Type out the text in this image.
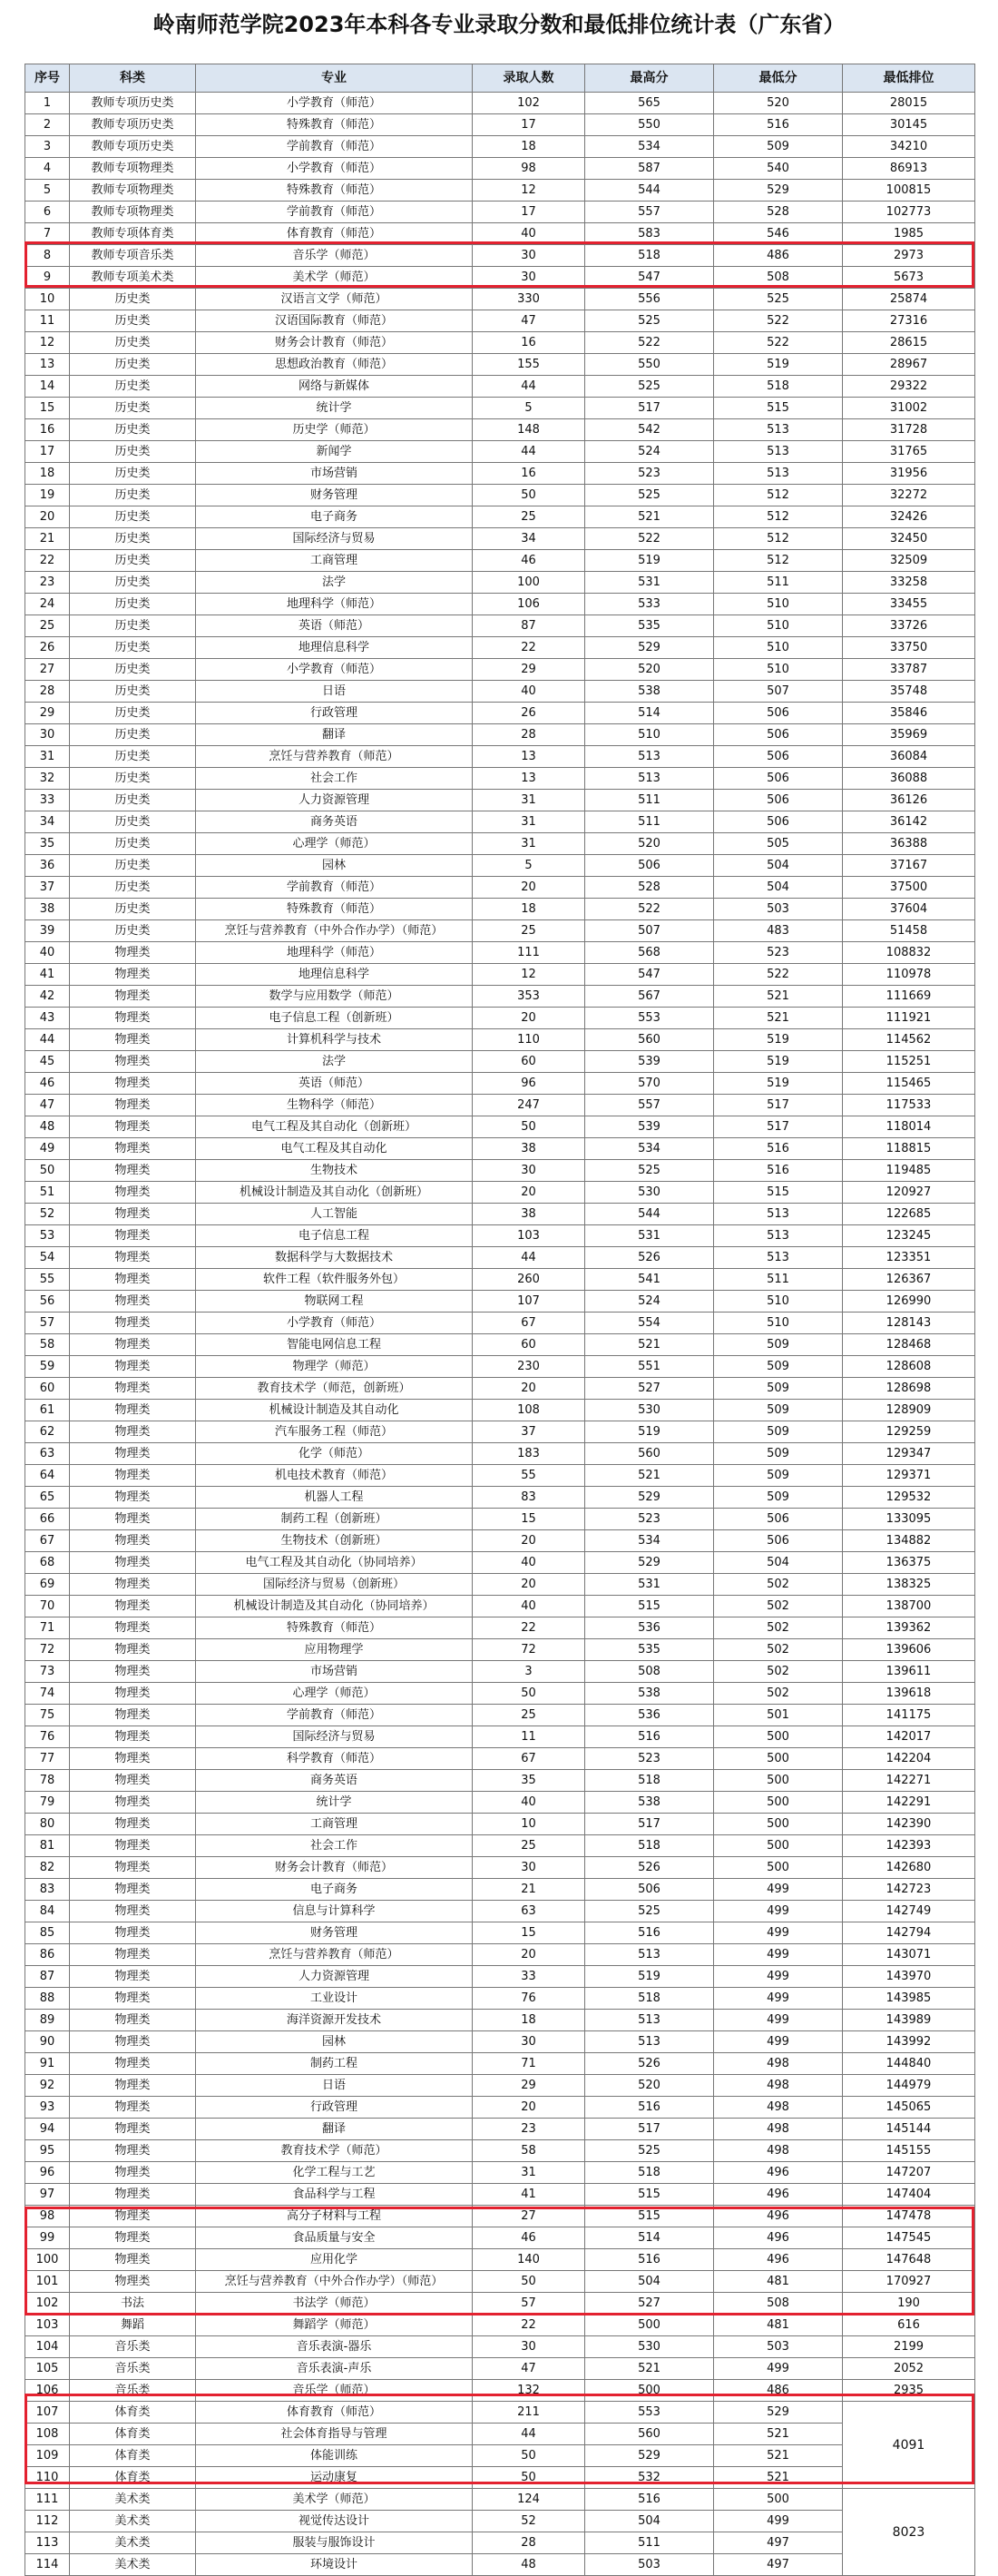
岭南师范学院2023年本科各专业录取分数和最低排位统计表（广东省）
序号	科类	专业	录取人数	最高分	最低分	最低排位
1	教师专项历史类	小学教育（师范）	102	565	520	28015
2	教师专项历史类	特殊教育（师范）	17	550	516	30145
3	教师专项历史类	学前教育（师范）	18	534	509	34210
4	教师专项物理类	小学教育（师范）	98	587	540	86913
5	教师专项物理类	特殊教育（师范）	12	544	529	100815
6	教师专项物理类	学前教育（师范）	17	557	528	102773
7	教师专项体育类	体育教育（师范）	40	583	546	1985
8	教师专项音乐类	音乐学（师范）	30	518	486	2973
9	教师专项美术类	美术学（师范）	30	547	508	5673
10	历史类	汉语言文学（师范）	330	556	525	25874
11	历史类	汉语国际教育（师范）	47	525	522	27316
12	历史类	财务会计教育（师范）	16	522	522	28615
13	历史类	思想政治教育（师范）	155	550	519	28967
14	历史类	网络与新媒体	44	525	518	29322
15	历史类	统计学	5	517	515	31002
16	历史类	历史学（师范）	148	542	513	31728
17	历史类	新闻学	44	524	513	31765
18	历史类	市场营销	16	523	513	31956
19	历史类	财务管理	50	525	512	32272
20	历史类	电子商务	25	521	512	32426
21	历史类	国际经济与贸易	34	522	512	32450
22	历史类	工商管理	46	519	512	32509
23	历史类	法学	100	531	511	33258
24	历史类	地理科学（师范）	106	533	510	33455
25	历史类	英语（师范）	87	535	510	33726
26	历史类	地理信息科学	22	529	510	33750
27	历史类	小学教育（师范）	29	520	510	33787
28	历史类	日语	40	538	507	35748
29	历史类	行政管理	26	514	506	35846
30	历史类	翻译	28	510	506	35969
31	历史类	烹饪与营养教育（师范）	13	513	506	36084
32	历史类	社会工作	13	513	506	36088
33	历史类	人力资源管理	31	511	506	36126
34	历史类	商务英语	31	511	506	36142
35	历史类	心理学（师范）	31	520	505	36388
36	历史类	园林	5	506	504	37167
37	历史类	学前教育（师范）	20	528	504	37500
38	历史类	特殊教育（师范）	18	522	503	37604
39	历史类	烹饪与营养教育（中外合作办学）（师范）	25	507	483	51458
40	物理类	地理科学（师范）	111	568	523	108832
41	物理类	地理信息科学	12	547	522	110978
42	物理类	数学与应用数学（师范）	353	567	521	111669
43	物理类	电子信息工程（创新班）	20	553	521	111921
44	物理类	计算机科学与技术	110	560	519	114562
45	物理类	法学	60	539	519	115251
46	物理类	英语（师范）	96	570	519	115465
47	物理类	生物科学（师范）	247	557	517	117533
48	物理类	电气工程及其自动化（创新班）	50	539	517	118014
49	物理类	电气工程及其自动化	38	534	516	118815
50	物理类	生物技术	30	525	516	119485
51	物理类	机械设计制造及其自动化（创新班）	20	530	515	120927
52	物理类	人工智能	38	544	513	122685
53	物理类	电子信息工程	103	531	513	123245
54	物理类	数据科学与大数据技术	44	526	513	123351
55	物理类	软件工程（软件服务外包）	260	541	511	126367
56	物理类	物联网工程	107	524	510	126990
57	物理类	小学教育（师范）	67	554	510	128143
58	物理类	智能电网信息工程	60	521	509	128468
59	物理类	物理学（师范）	230	551	509	128608
60	物理类	教育技术学（师范，创新班）	20	527	509	128698
61	物理类	机械设计制造及其自动化	108	530	509	128909
62	物理类	汽车服务工程（师范）	37	519	509	129259
63	物理类	化学（师范）	183	560	509	129347
64	物理类	机电技术教育（师范）	55	521	509	129371
65	物理类	机器人工程	83	529	509	129532
66	物理类	制药工程（创新班）	15	523	506	133095
67	物理类	生物技术（创新班）	20	534	506	134882
68	物理类	电气工程及其自动化（协同培养）	40	529	504	136375
69	物理类	国际经济与贸易（创新班）	20	531	502	138325
70	物理类	机械设计制造及其自动化（协同培养）	40	515	502	138700
71	物理类	特殊教育（师范）	22	536	502	139362
72	物理类	应用物理学	72	535	502	139606
73	物理类	市场营销	3	508	502	139611
74	物理类	心理学（师范）	50	538	502	139618
75	物理类	学前教育（师范）	25	536	501	141175
76	物理类	国际经济与贸易	11	516	500	142017
77	物理类	科学教育（师范）	67	523	500	142204
78	物理类	商务英语	35	518	500	142271
79	物理类	统计学	40	538	500	142291
80	物理类	工商管理	10	517	500	142390
81	物理类	社会工作	25	518	500	142393
82	物理类	财务会计教育（师范）	30	526	500	142680
83	物理类	电子商务	21	506	499	142723
84	物理类	信息与计算科学	63	525	499	142749
85	物理类	财务管理	15	516	499	142794
86	物理类	烹饪与营养教育（师范）	20	513	499	143071
87	物理类	人力资源管理	33	519	499	143970
88	物理类	工业设计	76	518	499	143985
89	物理类	海洋资源开发技术	18	513	499	143989
90	物理类	园林	30	513	499	143992
91	物理类	制药工程	71	526	498	144840
92	物理类	日语	29	520	498	144979
93	物理类	行政管理	20	516	498	145065
94	物理类	翻译	23	517	498	145144
95	物理类	教育技术学（师范）	58	525	498	145155
96	物理类	化学工程与工艺	31	518	496	147207
97	物理类	食品科学与工程	41	515	496	147404
98	物理类	高分子材料与工程	27	515	496	147478
99	物理类	食品质量与安全	46	514	496	147545
100	物理类	应用化学	140	516	496	147648
101	物理类	烹饪与营养教育（中外合作办学）（师范）	50	504	481	170927
102	书法	书法学（师范）	57	527	508	190
103	舞蹈	舞蹈学（师范）	22	500	481	616
104	音乐类	音乐表演-器乐	30	530	503	2199
105	音乐类	音乐表演-声乐	47	521	499	2052
106	音乐类	音乐学（师范）	132	500	486	2935
107	体育类	体育教育（师范）	211	553	529	4091
108	体育类	社会体育指导与管理	44	560	521	
109	体育类	体能训练	50	529	521	
110	体育类	运动康复	50	532	521	
111	美术类	美术学（师范）	124	516	500	8023
112	美术类	视觉传达设计	52	504	499	
113	美术类	服装与服饰设计	28	511	497	
114	美术类	环境设计	48	503	497	
